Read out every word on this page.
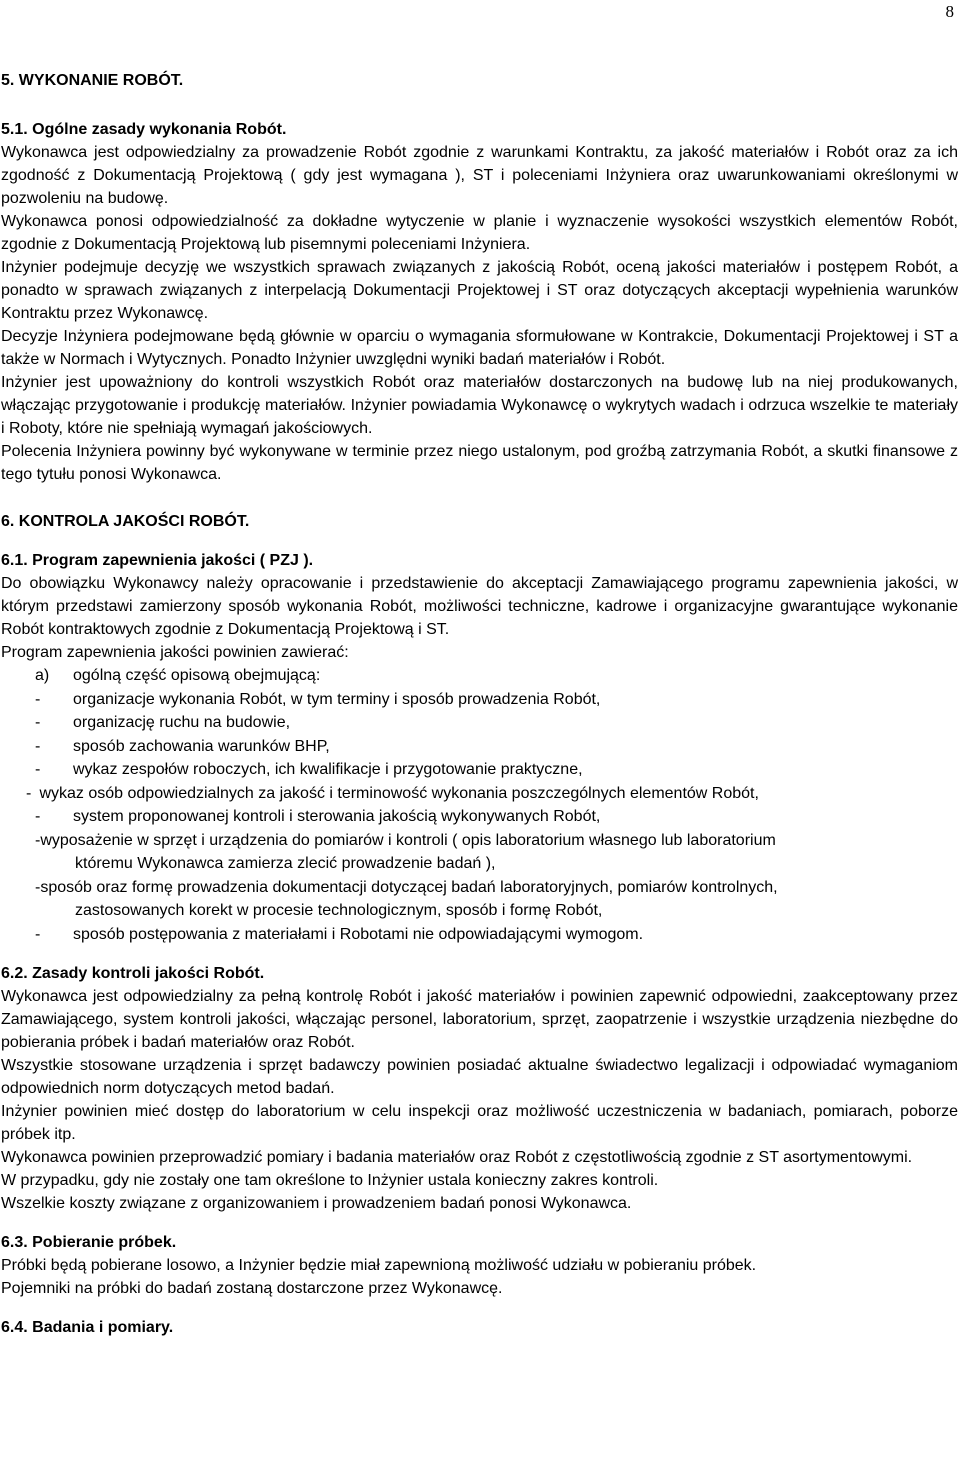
8
5. WYKONANIE ROBÓT.
5.1. Ogólne zasady wykonania Robót.

Wykonawca jest odpowiedzialny za prowadzenie Robót zgodnie z warunkami Kontraktu, za jakość materiałów i Robót oraz za ich zgodność z Dokumentacją Projektową ( gdy jest wymagana ), ST i poleceniami Inżyniera oraz uwarunkowaniami określonymi w pozwoleniu na budowę.

Wykonawca ponosi odpowiedzialność za dokładne wytyczenie w planie i wyznaczenie wysokości wszystkich elementów Robót, zgodnie z Dokumentacją Projektową lub pisemnymi poleceniami Inżyniera.

Inżynier podejmuje decyzję we wszystkich sprawach związanych z jakością Robót, oceną jakości materiałów i postępem Robót, a ponadto w sprawach związanych z interpelacją Dokumentacji Projektowej i ST oraz dotyczących akceptacji wypełnienia warunków Kontraktu przez Wykonawcę.

Decyzje Inżyniera podejmowane będą głównie w oparciu o wymagania sformułowane w Kontrakcie, Dokumentacji Projektowej i ST a także w Normach i Wytycznych. Ponadto Inżynier uwzględni wyniki badań materiałów i Robót.

Inżynier jest upoważniony do kontroli wszystkich Robót oraz materiałów dostarczonych na budowę lub na niej produkowanych, włączając przygotowanie i produkcję materiałów. Inżynier powiadamia Wykonawcę o wykrytych wadach i odrzuca wszelkie te materiały i Roboty, które nie spełniają wymagań jakościowych.

Polecenia Inżyniera powinny być wykonywane w terminie przez niego ustalonym, pod groźbą zatrzymania Robót, a skutki finansowe z tego tytułu ponosi Wykonawca.

6. KONTROLA JAKOŚCI ROBÓT.
6.1. Program zapewnienia jakości ( PZJ ).

Do obowiązku Wykonawcy należy opracowanie i przedstawienie do akceptacji Zamawiającego programu zapewnienia jakości, w którym przedstawi zamierzony sposób wykonania Robót, możliwości techniczne, kadrowe i organizacyjne gwarantujące wykonanie Robót kontraktowych zgodnie z Dokumentacją Projektową i ST.

Program zapewnienia jakości powinien zawierać:

a) ogólną część opisową obejmującą:
- organizacje wykonania Robót, w tym terminy i sposób prowadzenia Robót,
- organizację ruchu na budowie,
- sposób zachowania warunków BHP,
- wykaz zespołów roboczych, ich kwalifikacje i przygotowanie praktyczne,
- wykaz osób odpowiedzialnych za jakość i terminowość wykonania poszczególnych elementów Robót,
- system proponowanej kontroli i sterowania jakością wykonywanych Robót,
-wyposażenie w sprzęt i urządzenia do pomiarów i kontroli ( opis laboratorium własnego lub laboratorium
któremu Wykonawca zamierza zlecić prowadzenie badań ),
-sposób oraz formę prowadzenia dokumentacji dotyczącej badań laboratoryjnych, pomiarów kontrolnych,
zastosowanych korekt w procesie technologicznym, sposób i formę Robót,
- sposób postępowania z materiałami i Robotami nie odpowiadającymi wymogom.
6.2. Zasady kontroli jakości Robót.

Wykonawca jest odpowiedzialny za pełną kontrolę Robót i jakość materiałów i powinien zapewnić odpowiedni, zaakceptowany przez Zamawiającego, system kontroli jakości, włączając personel, laboratorium, sprzęt, zaopatrzenie i wszystkie urządzenia niezbędne do pobierania próbek i badań materiałów oraz Robót.

Wszystkie stosowane urządzenia i sprzęt badawczy powinien posiadać aktualne świadectwo legalizacji i odpowiadać wymaganiom odpowiednich norm dotyczących metod badań.

Inżynier powinien mieć dostęp do laboratorium w celu inspekcji oraz możliwość uczestniczenia w badaniach, pomiarach, poborze próbek itp.

Wykonawca powinien przeprowadzić pomiary i badania materiałów oraz Robót z częstotliwością zgodnie z ST asortymentowymi.

W przypadku, gdy nie zostały one tam określone to Inżynier ustala konieczny zakres kontroli.

Wszelkie koszty związane z organizowaniem i prowadzeniem badań ponosi Wykonawca.

6.3. Pobieranie próbek.

Próbki będą pobierane losowo, a Inżynier będzie miał zapewnioną możliwość udziału w pobieraniu próbek.

Pojemniki na próbki do badań zostaną dostarczone przez Wykonawcę.

6.4. Badania i pomiary.
